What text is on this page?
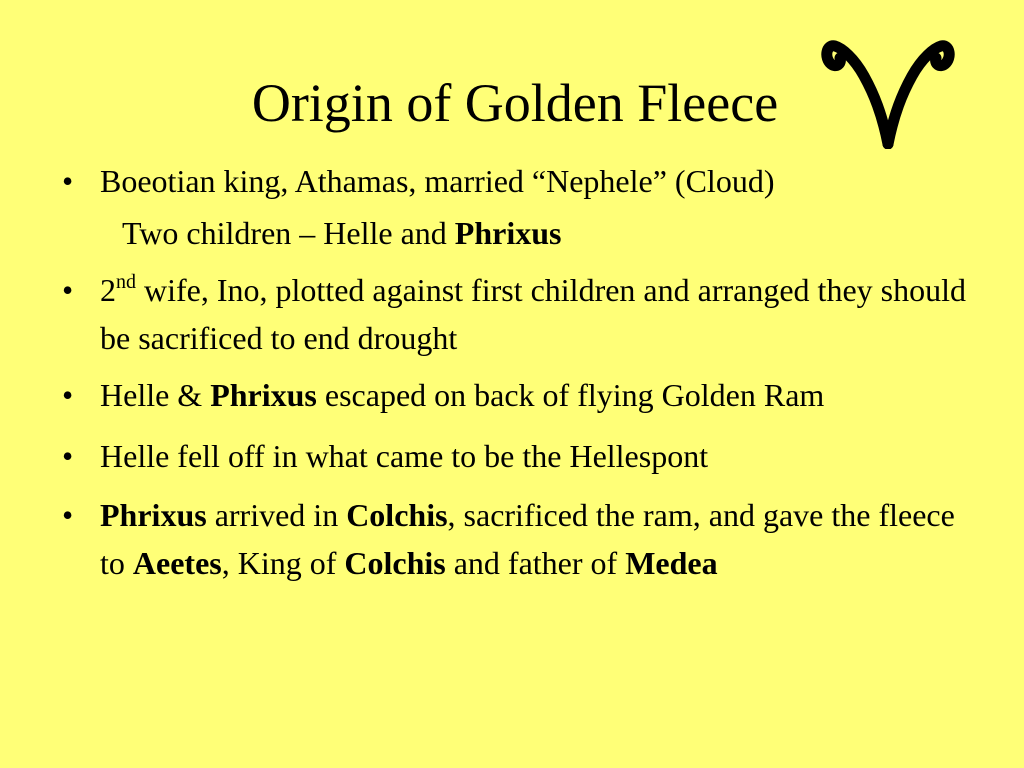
Origin of Golden Fleece
• Boeotian king, Athamas, married “Nephele” (Cloud)
Two children – Helle and Phrixus
• 2nd wife, Ino, plotted against first children and arranged they should be sacrificed to end drought
• Helle & Phrixus escaped on back of flying Golden Ram
• Helle fell off in what came to be the Hellespont
• Phrixus arrived in Colchis, sacrificed the ram, and gave the fleece to Aeetes, King of Colchis and father of Medea
